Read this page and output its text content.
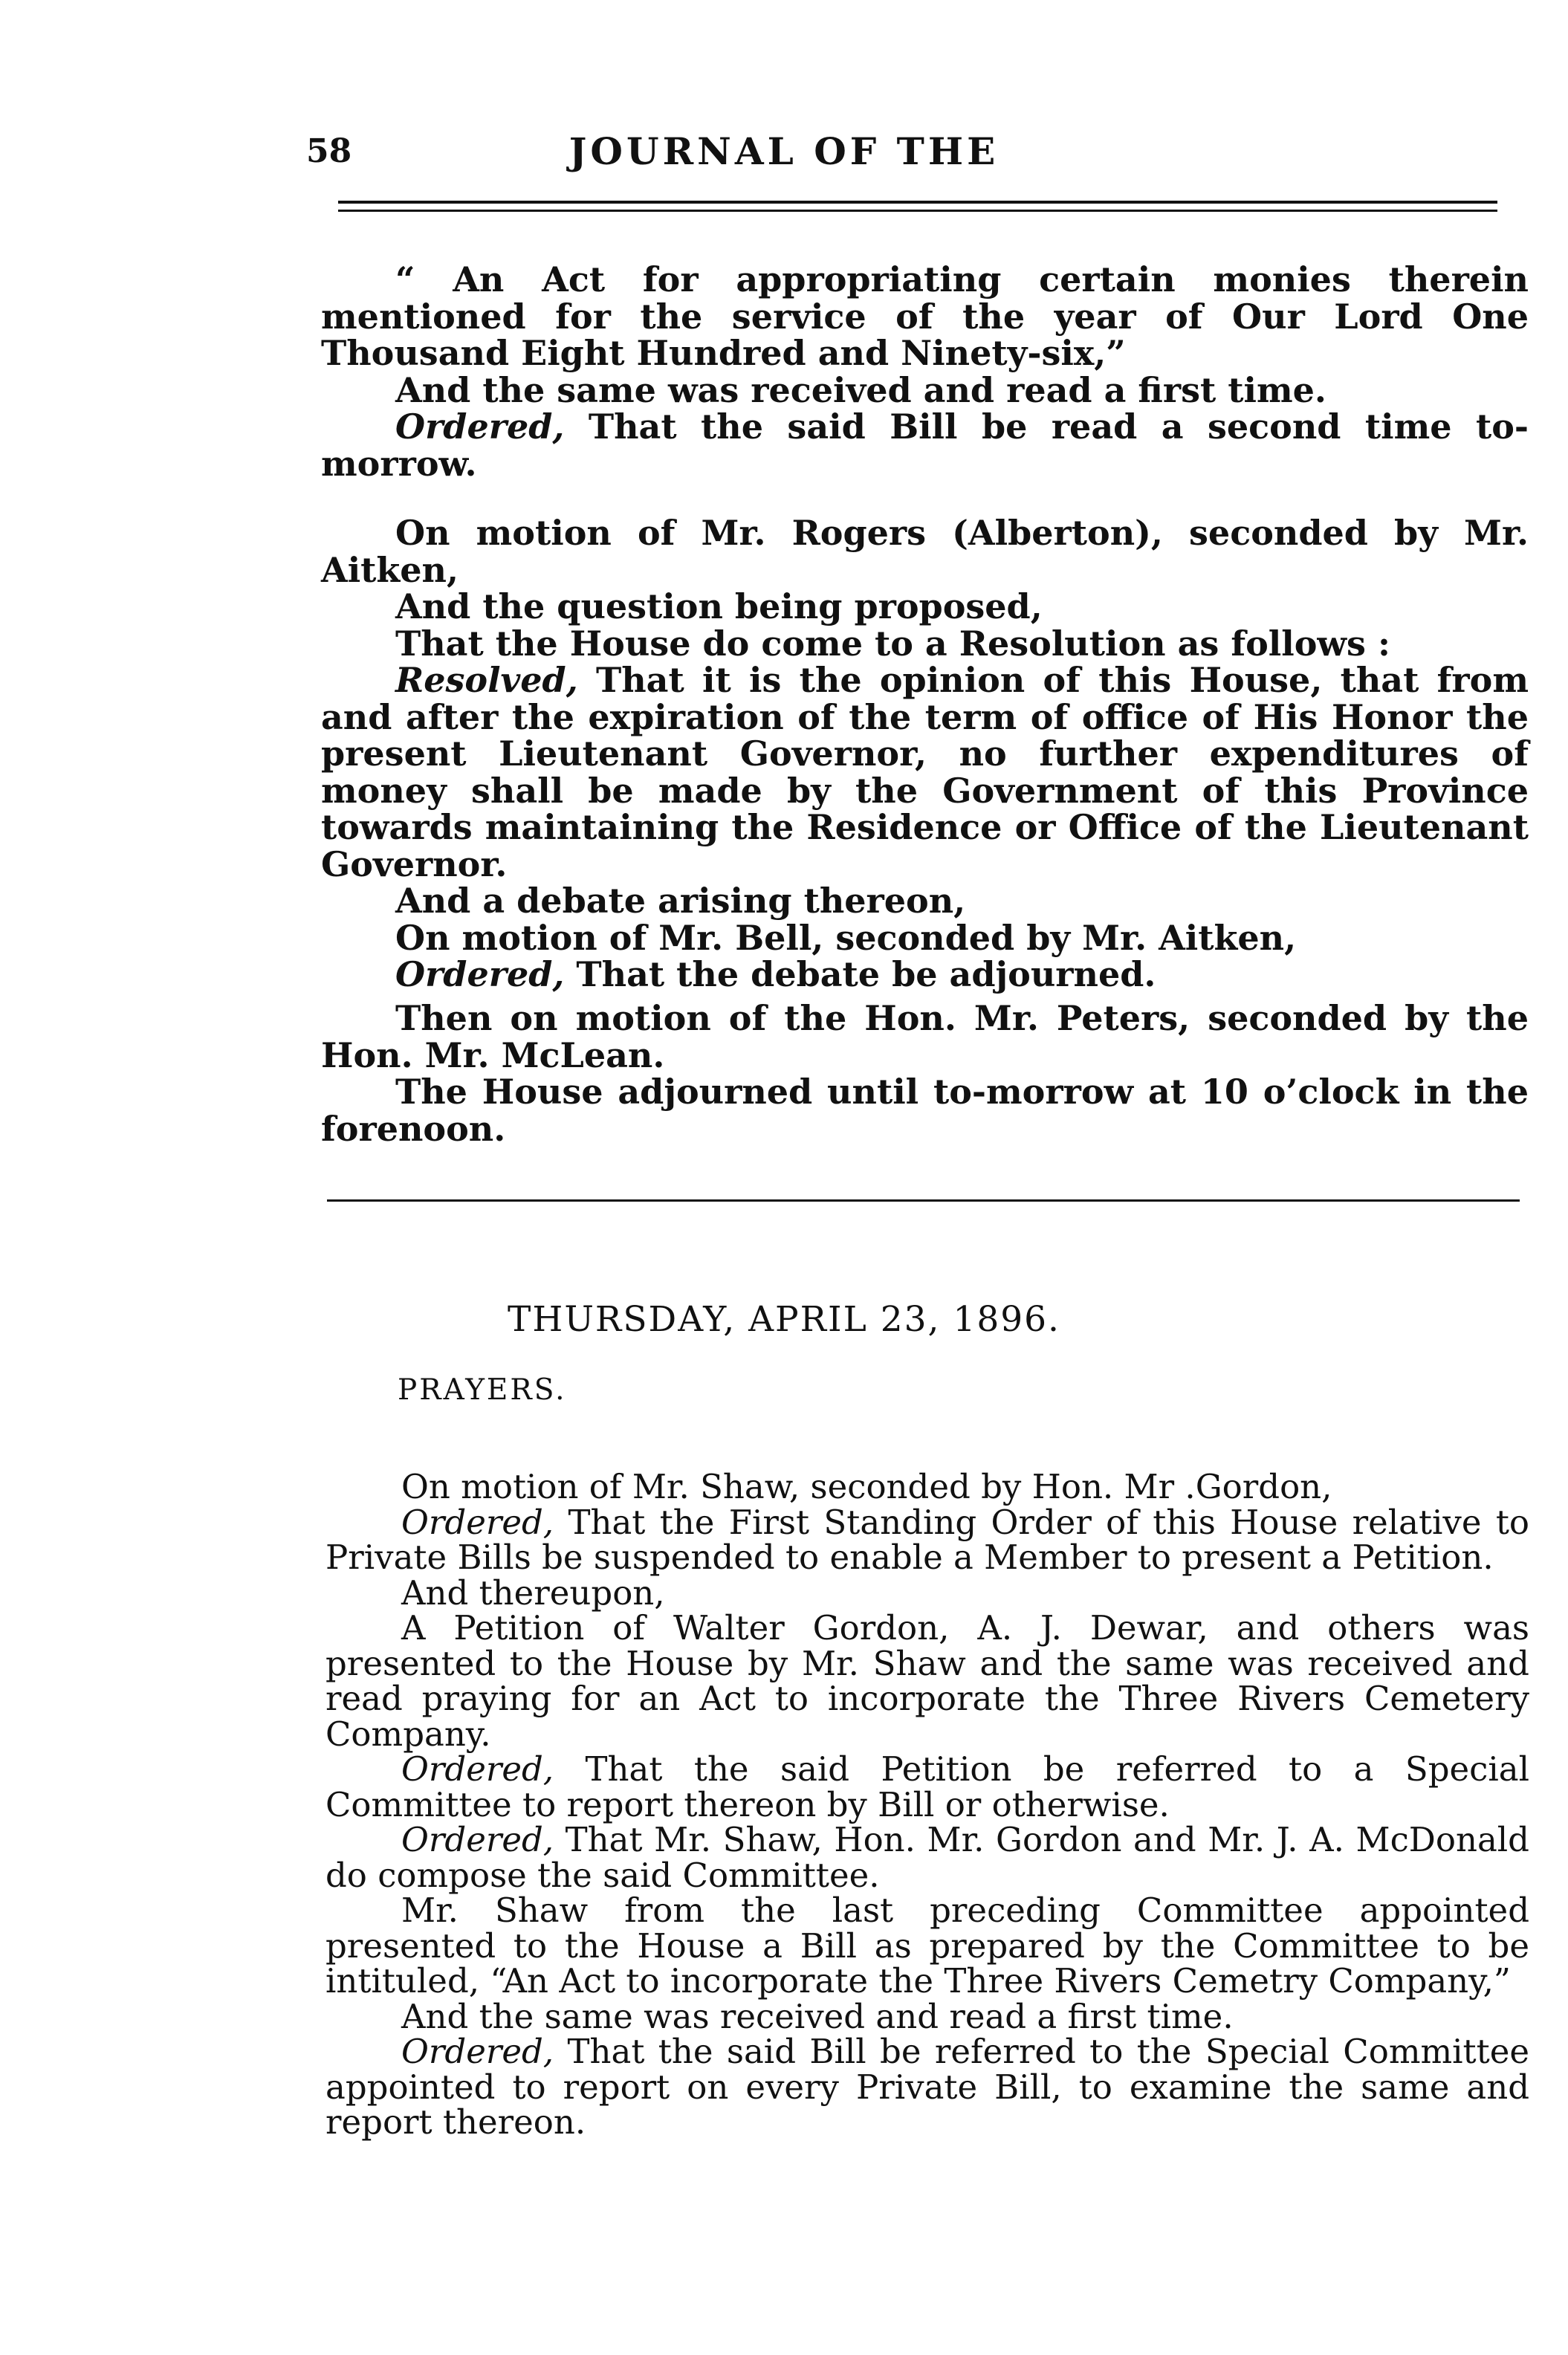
58	JOURNAL OF THE

“ An Act for appropriating certain monies therein mentioned for the service of the year of Our Lord One Thousand Eight Hundred and Ninety-six,”

And the same was received and read a first time.

Ordered, That the said Bill be read a second time to-morrow.

On motion of Mr. Rogers (Alberton), seconded by Mr. Aitken,

And the question being proposed,

That the House do come to a Resolution as follows :

Resolved, That it is the opinion of this House, that from and after the expiration of the term of office of His Honor the present Lieutenant Governor, no further expenditures of money shall be made by the Government of this Province towards maintaining the Residence or Office of the Lieutenant Governor.

And a debate arising thereon,

On motion of Mr. Bell, seconded by Mr. Aitken,

Ordered, That the debate be adjourned.

Then on motion of the Hon. Mr. Peters, seconded by the Hon. Mr. McLean.

The House adjourned until to-morrow at 10 o’clock in the forenoon.

THURSDAY, APRIL 23, 1896.
PRAYERS.

On motion of Mr. Shaw, seconded by Hon. Mr .Gordon,

Ordered, That the First Standing Order of this House relative to Private Bills be suspended to enable a Member to present a Petition.

And thereupon,

A Petition of Walter Gordon, A. J. Dewar, and others was presented to the House by Mr. Shaw and the same was received and read praying for an Act to incorporate the Three Rivers Cemetery Company.

Ordered, That the said Petition be referred to a Special Committee to report thereon by Bill or otherwise.

Ordered, That Mr. Shaw, Hon. Mr. Gordon and Mr. J. A. McDonald do compose the said Committee.

Mr. Shaw from the last preceding Committee appointed presented to the House a Bill as prepared by the Committee to be intituled, “An Act to incorporate the Three Rivers Cemetry Company,”

And the same was received and read a first time.

Ordered, That the said Bill be referred to the Special Committee appointed to report on every Private Bill, to examine the same and report thereon.
